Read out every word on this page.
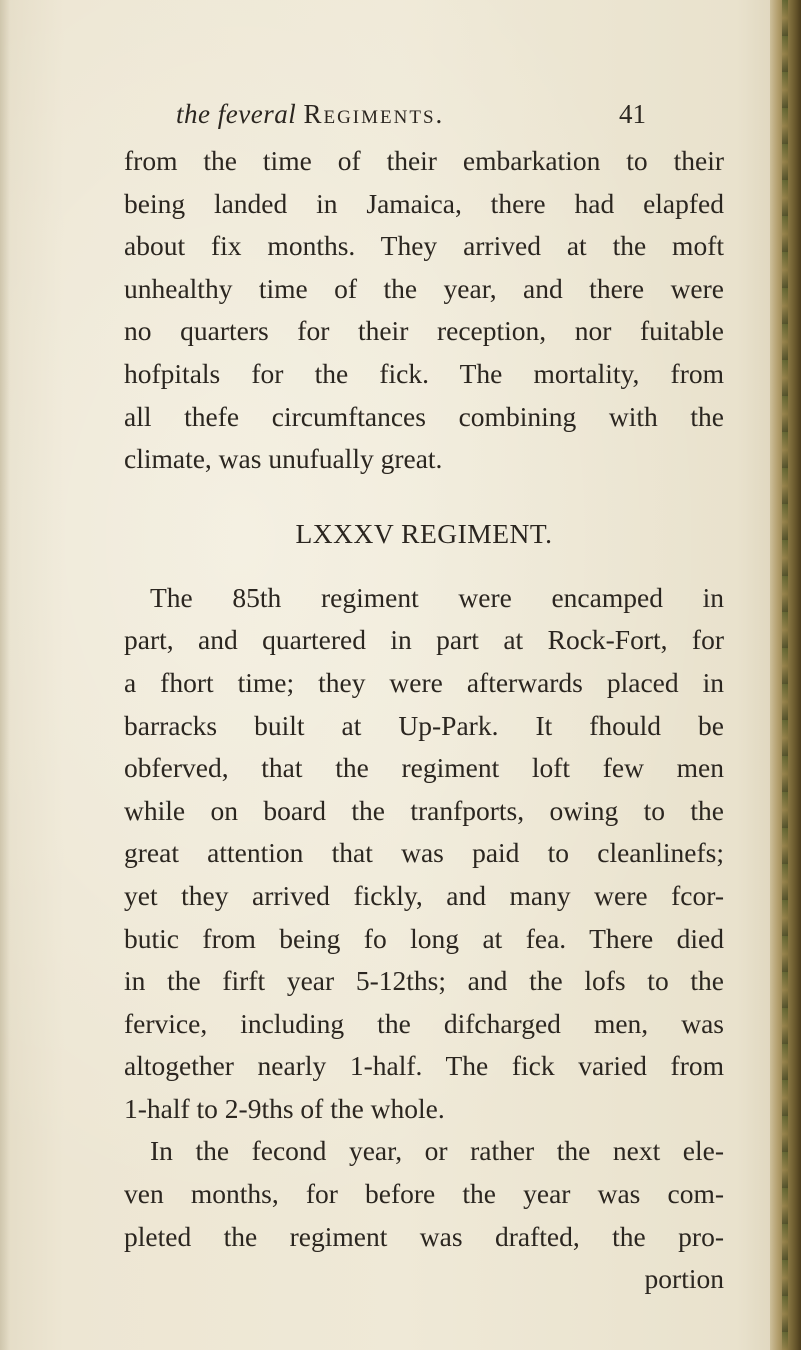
the feveral Regiments.	41
from the time of their embarkation to their
being landed in Jamaica, there had elapfed
about fix months. They arrived at the moft
unhealthy time of the year, and there were
no quarters for their reception, nor fuitable
hofpitals for the fick. The mortality, from
all thefe circumftances combining with the
climate, was unufually great.
LXXXV REGIMENT.
The 85th regiment were encamped in
part, and quartered in part at Rock-Fort, for
a fhort time; they were afterwards placed in
barracks built at Up-Park. It fhould be
obferved, that the regiment loft few men
while on board the tranfports, owing to the
great attention that was paid to cleanlinefs;
yet they arrived fickly, and many were fcor-
butic from being fo long at fea. There died
in the firft year 5-12ths; and the lofs to the
fervice, including the difcharged men, was
altogether nearly 1-half. The fick varied from
1-half to 2-9ths of the whole.
In the fecond year, or rather the next ele-
ven months, for before the year was com-
pleted the regiment was drafted, the pro-
portion
